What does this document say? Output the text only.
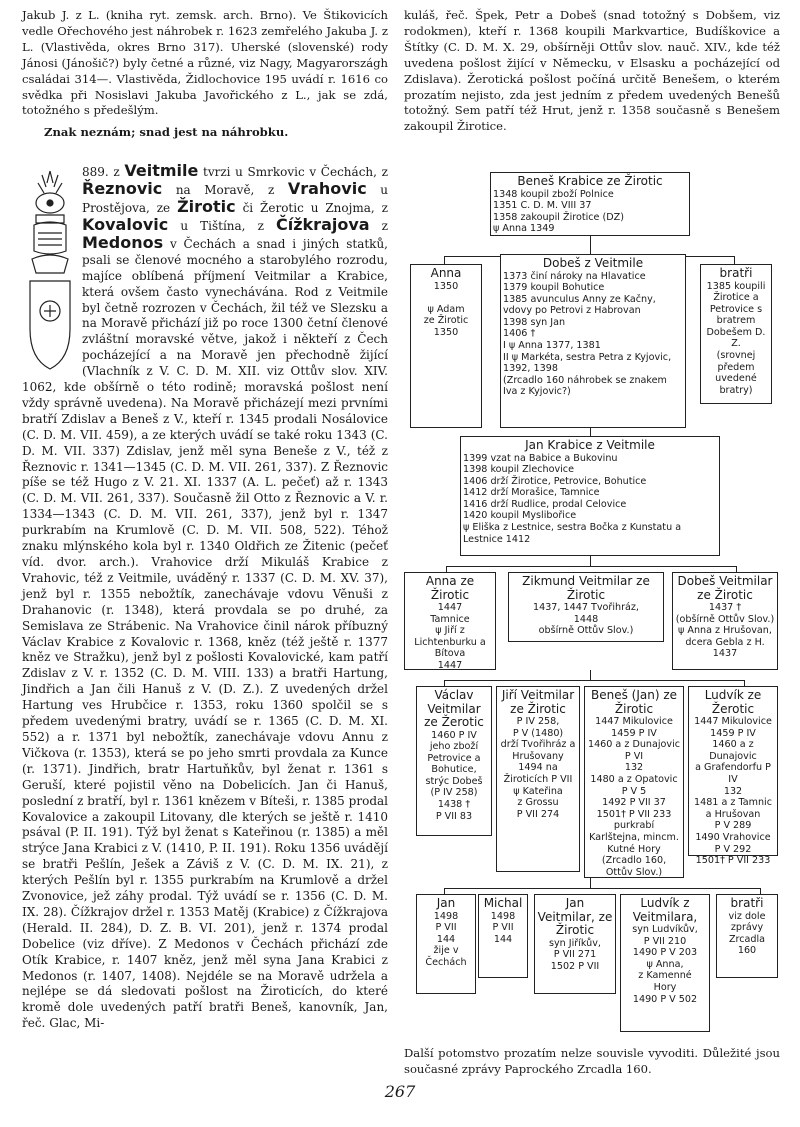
Jakub J. z L. (kniha ryt. zemsk. arch. Brno). Ve Štikovicích vedle Ořechového jest náhrobek r. 1623 zemřelého Jakuba J. z L. (Vlastivěda, okres Brno 317). Uherské (slovenské) rody Jánosi (Jánošič?) byly četné a různé, viz Nagy, Magyarországh családai 314—. Vlastivěda, Židlochovice 195 uvádí r. 1616 co svědka při Nosislavi Jakuba Javořického z L., jak se zdá, totožného s předešlým.

Znak neznám; snad jest na náhrobku.

889. z Veitmile tvrzi u Smrkovic v Čechách, z Řeznovic na Moravě, z Vrahovic u Prostějova, ze Žirotic či Žerotic u Znojma, z Kovalovic u Tištína, z Čížkrajova z Medonos v Čechách a snad i jiných statků, psali se členové mocného a starobylého rozrodu, majíce oblíbená příjmení Veitmilar a Krabice, která ovšem často vynechávána. Rod z Veitmile byl četně rozrozen v Čechách, žil též ve Slezsku a na Moravě přichází již po roce 1300 četní členové zvláštní moravské větve, jakož i někteří z Čech pocházející a na Moravě jen přechodně žijící (Vlachník z V. C. D. M. XII. viz Ottův slov. XIV. 1062, kde obšírně o této rodině; moravská pošlost není vždy správně uvedena). Na Moravě přicházejí mezi prvními bratří Zdislav a Beneš z V., kteří r. 1345 prodali Nosálovice (C. D. M. VII. 459), a ze kterých uvádí se také roku 1343 (C. D. M. VII. 337) Zdislav, jenž měl syna Beneše z V., též z Řeznovic r. 1341—1345 (C. D. M. VII. 261, 337). Z Řeznovic píše se též Hugo z V. 21. XI. 1337 (A. L. pečeť) až r. 1343 (C. D. M. VII. 261, 337). Současně žil Otto z Řeznovic a V. r. 1334—1343 (C. D. M. VII. 261, 337), jenž byl r. 1347 purkrabím na Krumlově (C. D. M. VII. 508, 522). Téhož znaku mlýnského kola byl r. 1340 Oldřich ze Žitenic (pečeť víd. dvor. arch.). Vrahovice drží Mikuláš Krabice z Vrahovic, též z Veitmile, uváděný r. 1337 (C. D. M. XV. 37), jenž byl r. 1355 nebožtík, zanechávaje vdovu Věnuši z Drahanovic (r. 1348), která provdala se po druhé, za Semislava ze Strábenic. Na Vrahovice činil nárok příbuzný Václav Krabice z Kovalovic r. 1368, kněz (též ještě r. 1377 kněz ve Stražku), jenž byl z pošlosti Kovalovické, kam patří Zdislav z V. r. 1352 (C. D. M. VIII. 133) a bratři Hartung, Jindřich a Jan čili Hanuš z V. (D. Z.). Z uvedených držel Hartung ves Hrubčice r. 1353, roku 1360 spolčil se s předem uvedenými bratry, uvádí se r. 1365 (C. D. M. XI. 552) a r. 1371 byl nebožtík, zanechávaje vdovu Annu z Vičkova (r. 1353), která se po jeho smrti provdala za Kunce (r. 1371). Jindřich, bratr Hartuňkův, byl ženat r. 1361 s Geruší, které pojistil věno na Dobelicích. Jan či Hanuš, poslední z bratří, byl r. 1361 knězem v Bíteši, r. 1385 prodal Kovalovice a zakoupil Litovany, dle kterých se ještě r. 1410 psával (P. II. 191). Týž byl ženat s Kateřinou (r. 1385) a měl strýce Jana Krabici z V. (1410, P. II. 191). Roku 1356 uvádějí se bratři Pešlín, Ješek a Záviš z V. (C. D. M. IX. 21), z kterých Pešlín byl r. 1355 purkrabím na Krumlově a držel Zvonovice, jež záhy prodal. Týž uvádí se r. 1356 (C. D. M. IX. 28). Čížkrajov držel r. 1353 Matěj (Krabice) z Čížkrajova (Herald. II. 284), D. Z. B. VI. 201), jenž r. 1374 prodal Dobelice (viz dříve). Z Medonos v Čechách přichází zde Otík Krabice, r. 1407 kněz, jenž měl syna Jana Krabici z Medonos (r. 1407, 1408). Nejdéle se na Moravě udržela a nejlépe se dá sledovati pošlost na Žiroticích, do které kromě dole uvedených patří bratři Beneš, kanovník, Jan, řeč. Glac, Mi-

kuláš, řeč. Špek, Petr a Dobeš (snad totožný s Dobšem, viz rodokmen), kteří r. 1368 koupili Markvartice, Budíškovice a Štítky (C. D. M. X. 29, obšírněji Ottův slov. nauč. XIV., kde též uvedena pošlost žijící v Německu, v Elsasku a pocházející od Zdislava). Žerotická pošlost počíná určitě Benešem, o kterém prozatím nejisto, zda jest jedním z předem uvedených Benešů totožný. Sem patří též Hrut, jenž r. 1358 současně s Benešem zakoupil Žirotice.

Beneš Krabice ze Žirotic
1348 koupil zboží Polnice
1351 C. D. M. VIII 37
1358 zakoupil Žirotice (DZ)
ψ Anna 1349
Anna
1350

ψ Adam
ze Žirotic
1350
Dobeš z Veitmile
1373 činí nároky na Hlavatice
1379 koupil Bohutice
1385 avunculus Anny ze Kačny, vdovy po Petrovi z Habrovan
1398 syn Jan
1406 †
I ψ Anna 1377, 1381
II ψ Markéta, sestra Petra z Kyjovic, 1392, 1398
(Zrcadlo 160 náhrobek se znakem Iva z Kyjovic?)
bratři
1385 koupili Žirotice a Petrovice s bratrem Dobešem D. Z.
(srovnej předem uvedené bratry)
Jan Krabice z Veitmile
1399 vzat na Babice a Bukovinu
1398 koupil Zlechovice
1406 drží Žirotice, Petrovice, Bohutice
1412 drží Morašice, Tamnice
1416 drží Rudlice, prodal Celovice
1420 koupil Myslibořice
ψ Eliška z Lestnice, sestra Bočka z Kunstatu a Lestnice 1412
Anna ze Žirotic
1447
Tamnice
ψ Jiří z Lichtenburku a Bítova
1447
Zikmund Veitmilar ze Žirotic
1437, 1447 Tvořihráz,
1448
obšírně Ottův Slov.)
Dobeš Veitmilar ze Žirotic
1437 †
(obšírně Ottův Slov.)
ψ Anna z Hrušovan, dcera Gebla z H. 1437
Václav Veitmilar ze Žerotic
1460 P IV
jeho zboží
Petrovice a
Bohutice,
strýc Dobeš
(P IV 258)
1438 †
P VII 83
Jiří Veitmilar ze Žirotic
P IV 258,
P V (1480)
drží Tvořihráz a
Hrušovany
1494 na Žiroticích P VII
ψ Kateřina
z Grossu
P VII 274
Beneš (Jan) ze Žirotic
1447 Mikulovice
1459 P IV
1460 a z Dunajovic P VI
132
1480 a z Opatovic P V 5
1492 P VII 37
1501† P VII 233
purkrabí Karlštejna, mincm.
Kutné Hory
(Zrcadlo 160,
Ottův Slov.)
Ludvík ze Žerotic
1447 Mikulovice
1459 P IV
1460 a z Dunajovic
a Grafendorfu P IV
132
1481 a z Tamnic
a Hrušovan
P V 289
1490 Vrahovice
P V 292
1501† P VII 233
Jan
1498
P VII
144
žije v
Čechách
Michal
1498
P VII
144
Jan Veitmilar, ze Žirotic
syn Jiříkův,
P VII 271
1502 P VII
Ludvík z Veitmilara,
syn Ludvíkův,
P VII 210
1490 P V 203
ψ Anna,
z Kamenné
Hory
1490 P V 502
bratři
viz dole
zprávy
Zrcadla
160
Další potomstvo prozatím nelze souvisle vyvoditi. Důležité jsou současné zprávy Paprockého Zrcadla 160.
267
